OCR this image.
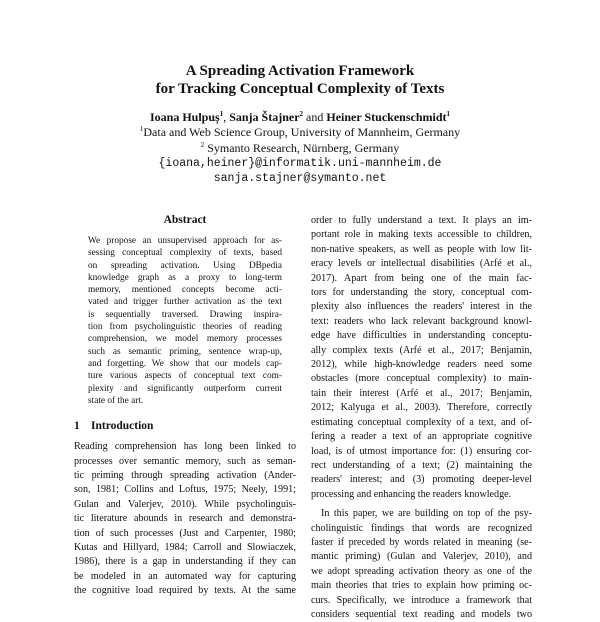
A Spreading Activation Framework
for Tracking Conceptual Complexity of Texts
Ioana Hulpuș$^1$, Sanja Štajner$^2$ and Heiner Stuckenschmidt$^1$
$^1$Data and Web Science Group, University of Mannheim, Germany
$^2$ Symanto Research, Nürnberg, Germany
{ioana,heiner}@informatik.uni-mannheim.de
sanja.stajner@symanto.net
Abstract
We propose an unsupervised approach for as-
sessing conceptual complexity of texts, based
on spreading activation. Using DBpedia
knowledge graph as a proxy to long-term
memory, mentioned concepts become acti-
vated and trigger further activation as the text
is sequentially traversed. Drawing inspira-
tion from psycholinguistic theories of reading
comprehension, we model memory processes
such as semantic priming, sentence wrap-up,
and forgetting. We show that our models cap-
ture various aspects of conceptual text com-
plexity and significantly outperform current
state of the art.
1 Introduction
Reading comprehension has long been linked to
processes over semantic memory, such as seman-
tic priming through spreading activation (Ander-
son, 1981; Collins and Loftus, 1975; Neely, 1991;
Gulan and Valerjev, 2010). While psycholinguis-
tic literature abounds in research and demonstra-
tion of such processes (Just and Carpenter, 1980;
Kutas and Hillyard, 1984; Carroll and Slowiaczek,
1986), there is a gap in understanding if they can
be modeled in an automated way for capturing
the cognitive load required by texts. At the same
order to fully understand a text. It plays an im-
portant role in making texts accessible to children,
non-native speakers, as well as people with low lit-
eracy levels or intellectual disabilities (Arfé et al.,
2017). Apart from being one of the main fac-
tors for understanding the story, conceptual com-
plexity also influences the readers' interest in the
text: readers who lack relevant background knowl-
edge have difficulties in understanding conceptu-
ally complex texts (Arfé et al., 2017; Benjamin,
2012), while high-knowledge readers need some
obstacles (more conceptual complexity) to main-
tain their interest (Arfé et al., 2017; Benjamin,
2012; Kalyuga et al., 2003). Therefore, correctly
estimating conceptual complexity of a text, and of-
fering a reader a text of an appropriate cognitive
load, is of utmost importance for: (1) ensuring cor-
rect understanding of a text; (2) maintaining the
readers' interest; and (3) promoting deeper-level
processing and enhancing the readers knowledge.
In this paper, we are building on top of the psy-
cholinguistic findings that words are recognized
faster if preceded by words related in meaning (se-
mantic priming) (Gulan and Valerjev, 2010), and
we adopt spreading activation theory as one of the
main theories that tries to explain how priming oc-
curs. Specifically, we introduce a framework that
considers sequential text reading and models two
